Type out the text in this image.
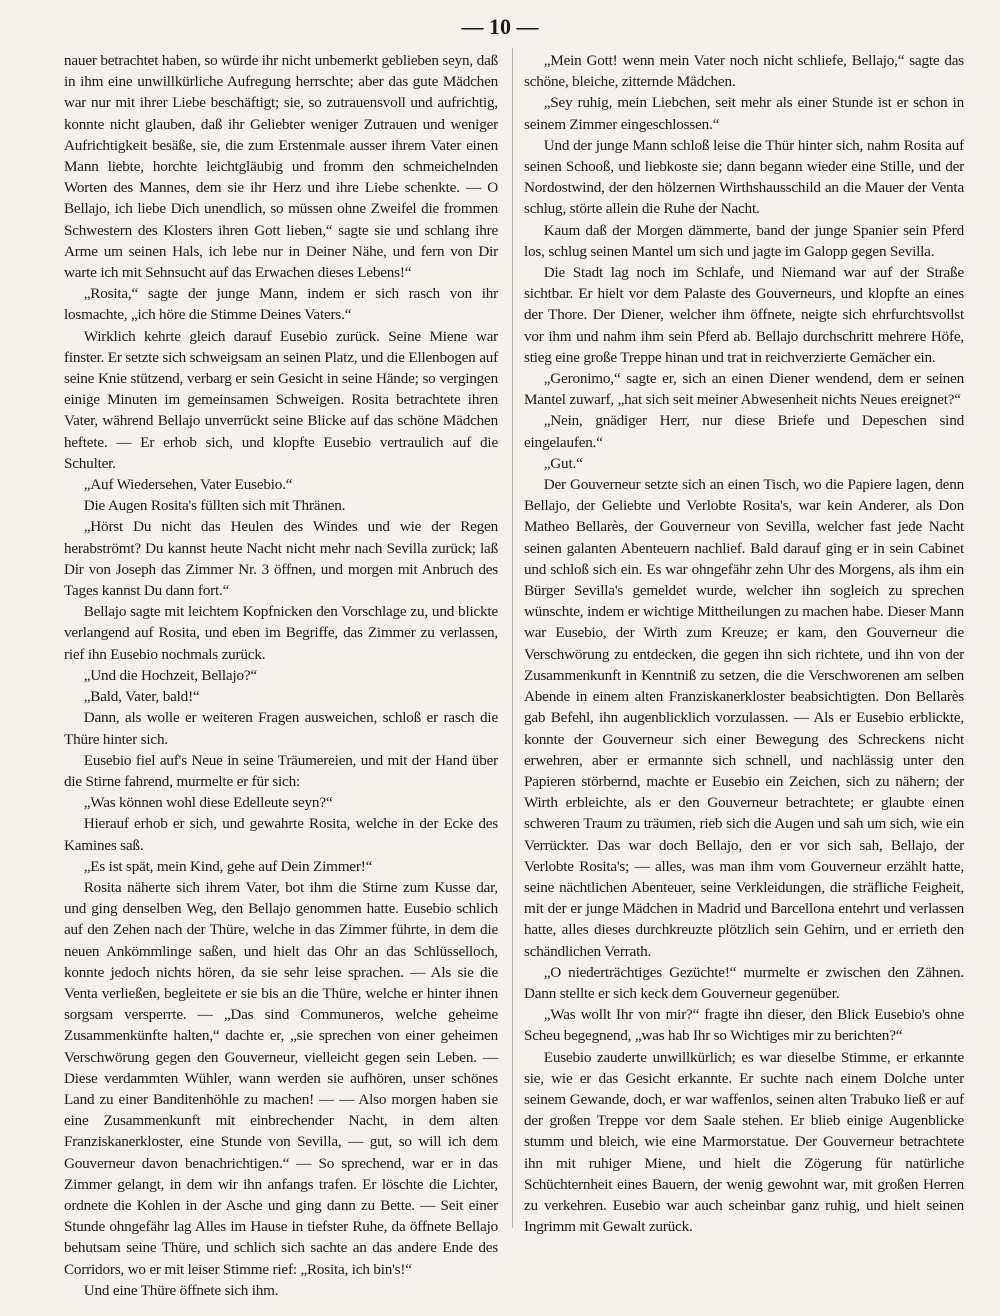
— 10 —

nauer betrachtet haben, so würde ihr nicht unbemerkt geblieben seyn, daß in ihm eine unwillkürliche Aufregung herrschte; aber das gute Mädchen war nur mit ihrer Liebe beschäftigt; sie, so zutrauensvoll und aufrichtig, konnte nicht glauben, daß ihr Geliebter weniger Zutrauen und weniger Aufrichtigkeit besäße, sie, die zum Erstenmale ausser ihrem Vater einen Mann liebte, horchte leichtgläubig und fromm den schmeichelnden Worten des Mannes, dem sie ihr Herz und ihre Liebe schenkte. — O Bellajo, ich liebe Dich unendlich, so müssen ohne Zweifel die frommen Schwestern des Klosters ihren Gott lieben,“ sagte sie und schlang ihre Arme um seinen Hals, ich lebe nur in Deiner Nähe, und fern von Dir warte ich mit Sehnsucht auf das Erwachen dieses Lebens!“

„Rosita,“ sagte der junge Mann, indem er sich rasch von ihr losmachte, „ich höre die Stimme Deines Vaters.“

Wirklich kehrte gleich darauf Eusebio zurück. Seine Miene war finster. Er setzte sich schweigsam an seinen Platz, und die Ellenbogen auf seine Knie stützend, verbarg er sein Gesicht in seine Hände; so vergingen einige Minuten im gemeinsamen Schweigen. Rosita betrachtete ihren Vater, während Bellajo unverrückt seine Blicke auf das schöne Mädchen heftete. — Er erhob sich, und klopfte Eusebio vertraulich auf die Schulter.

„Auf Wiedersehen, Vater Eusebio.“

Die Augen Rosita's füllten sich mit Thränen.

„Hörst Du nicht das Heulen des Windes und wie der Regen herabströmt? Du kannst heute Nacht nicht mehr nach Sevilla zurück; laß Dir von Joseph das Zimmer Nr. 3 öffnen, und morgen mit Anbruch des Tages kannst Du dann fort.“

Bellajo sagte mit leichtem Kopfnicken den Vorschlage zu, und blickte verlangend auf Rosita, und eben im Begriffe, das Zimmer zu verlassen, rief ihn Eusebio nochmals zurück.

„Und die Hochzeit, Bellajo?“

„Bald, Vater, bald!“

Dann, als wolle er weiteren Fragen ausweichen, schloß er rasch die Thüre hinter sich.

Eusebio fiel auf's Neue in seine Träumereien, und mit der Hand über die Stirne fahrend, murmelte er für sich:

„Was können wohl diese Edelleute seyn?“

Hierauf erhob er sich, und gewahrte Rosita, welche in der Ecke des Kamines saß.

„Es ist spät, mein Kind, gehe auf Dein Zimmer!“

Rosita näherte sich ihrem Vater, bot ihm die Stirne zum Kusse dar, und ging denselben Weg, den Bellajo genommen hatte. Eusebio schlich auf den Zehen nach der Thüre, welche in das Zimmer führte, in dem die neuen Ankömmlinge saßen, und hielt das Ohr an das Schlüsselloch, konnte jedoch nichts hören, da sie sehr leise sprachen. — Als sie die Venta verließen, begleitete er sie bis an die Thüre, welche er hinter ihnen sorgsam versperrte. — „Das sind Communeros, welche geheime Zusammenkünfte halten,“ dachte er, „sie sprechen von einer geheimen Verschwörung gegen den Gouverneur, vielleicht gegen sein Leben. — Diese verdammten Wühler, wann werden sie aufhören, unser schönes Land zu einer Banditenhöhle zu machen! — — Also morgen haben sie eine Zusammenkunft mit einbrechender Nacht, in dem alten Franziskanerkloster, eine Stunde von Sevilla, — gut, so will ich dem Gouverneur davon benachrichtigen.“ — So sprechend, war er in das Zimmer gelangt, in dem wir ihn anfangs trafen. Er löschte die Lichter, ordnete die Kohlen in der Asche und ging dann zu Bette. — Seit einer Stunde ohngefähr lag Alles im Hause in tiefster Ruhe, da öffnete Bellajo behutsam seine Thüre, und schlich sich sachte an das andere Ende des Corridors, wo er mit leiser Stimme rief: „Rosita, ich bin's!“

Und eine Thüre öffnete sich ihm.

„Mein Gott! wenn mein Vater noch nicht schliefe, Bellajo,“ sagte das schöne, bleiche, zitternde Mädchen.

„Sey ruhig, mein Liebchen, seit mehr als einer Stunde ist er schon in seinem Zimmer eingeschlossen.“

Und der junge Mann schloß leise die Thür hinter sich, nahm Rosita auf seinen Schooß, und liebkoste sie; dann begann wieder eine Stille, und der Nordostwind, der den hölzernen Wirthshausschild an die Mauer der Venta schlug, störte allein die Ruhe der Nacht.

Kaum daß der Morgen dämmerte, band der junge Spanier sein Pferd los, schlug seinen Mantel um sich und jagte im Galopp gegen Sevilla.

Die Stadt lag noch im Schlafe, und Niemand war auf der Straße sichtbar. Er hielt vor dem Palaste des Gouverneurs, und klopfte an eines der Thore. Der Diener, welcher ihm öffnete, neigte sich ehrfurchtsvollst vor ihm und nahm ihm sein Pferd ab. Bellajo durchschritt mehrere Höfe, stieg eine große Treppe hinan und trat in reichverzierte Gemächer ein.

„Geronimo,“ sagte er, sich an einen Diener wendend, dem er seinen Mantel zuwarf, „hat sich seit meiner Abwesenheit nichts Neues ereignet?“

„Nein, gnädiger Herr, nur diese Briefe und Depeschen sind eingelaufen.“

„Gut.“

Der Gouverneur setzte sich an einen Tisch, wo die Papiere lagen, denn Bellajo, der Geliebte und Verlobte Rosita's, war kein Anderer, als Don Matheo Bellarès, der Gouverneur von Sevilla, welcher fast jede Nacht seinen galanten Abenteuern nachlief. Bald darauf ging er in sein Cabinet und schloß sich ein. Es war ohngefähr zehn Uhr des Morgens, als ihm ein Bürger Sevilla's gemeldet wurde, welcher ihn sogleich zu sprechen wünschte, indem er wichtige Mittheilungen zu machen habe. Dieser Mann war Eusebio, der Wirth zum Kreuze; er kam, den Gouverneur die Verschwörung zu entdecken, die gegen ihn sich richtete, und ihn von der Zusammenkunft in Kenntniß zu setzen, die die Verschworenen am selben Abende in einem alten Franziskanerkloster beabsichtigten. Don Bellarès gab Befehl, ihn augenblicklich vorzulassen. — Als er Eusebio erblickte, konnte der Gouverneur sich einer Bewegung des Schreckens nicht erwehren, aber er ermannte sich schnell, und nachlässig unter den Papieren störbernd, machte er Eusebio ein Zeichen, sich zu nähern; der Wirth erbleichte, als er den Gouverneur betrachtete; er glaubte einen schweren Traum zu träumen, rieb sich die Augen und sah um sich, wie ein Verrückter. Das war doch Bellajo, den er vor sich sah, Bellajo, der Verlobte Rosita's; — alles, was man ihm vom Gouverneur erzählt hatte, seine nächtlichen Abenteuer, seine Verkleidungen, die sträfliche Feigheit, mit der er junge Mädchen in Madrid und Barcellona entehrt und verlassen hatte, alles dieses durchkreuzte plötzlich sein Gehirn, und er errieth den schändlichen Verrath.

„O niederträchtiges Gezüchte!“ murmelte er zwischen den Zähnen. Dann stellte er sich keck dem Gouverneur gegenüber.

„Was wollt Ihr von mir?“ fragte ihn dieser, den Blick Eusebio's ohne Scheu begegnend, „was hab Ihr so Wichtiges mir zu berichten?“

Eusebio zauderte unwillkürlich; es war dieselbe Stimme, er erkannte sie, wie er das Gesicht erkannte. Er suchte nach einem Dolche unter seinem Gewande, doch, er war waffenlos, seinen alten Trabuko ließ er auf der großen Treppe vor dem Saale stehen. Er blieb einige Augenblicke stumm und bleich, wie eine Marmorstatue. Der Gouverneur betrachtete ihn mit ruhiger Miene, und hielt die Zögerung für natürliche Schüchternheit eines Bauern, der wenig gewohnt war, mit großen Herren zu verkehren. Eusebio war auch scheinbar ganz ruhig, und hielt seinen Ingrimm mit Gewalt zurück.
